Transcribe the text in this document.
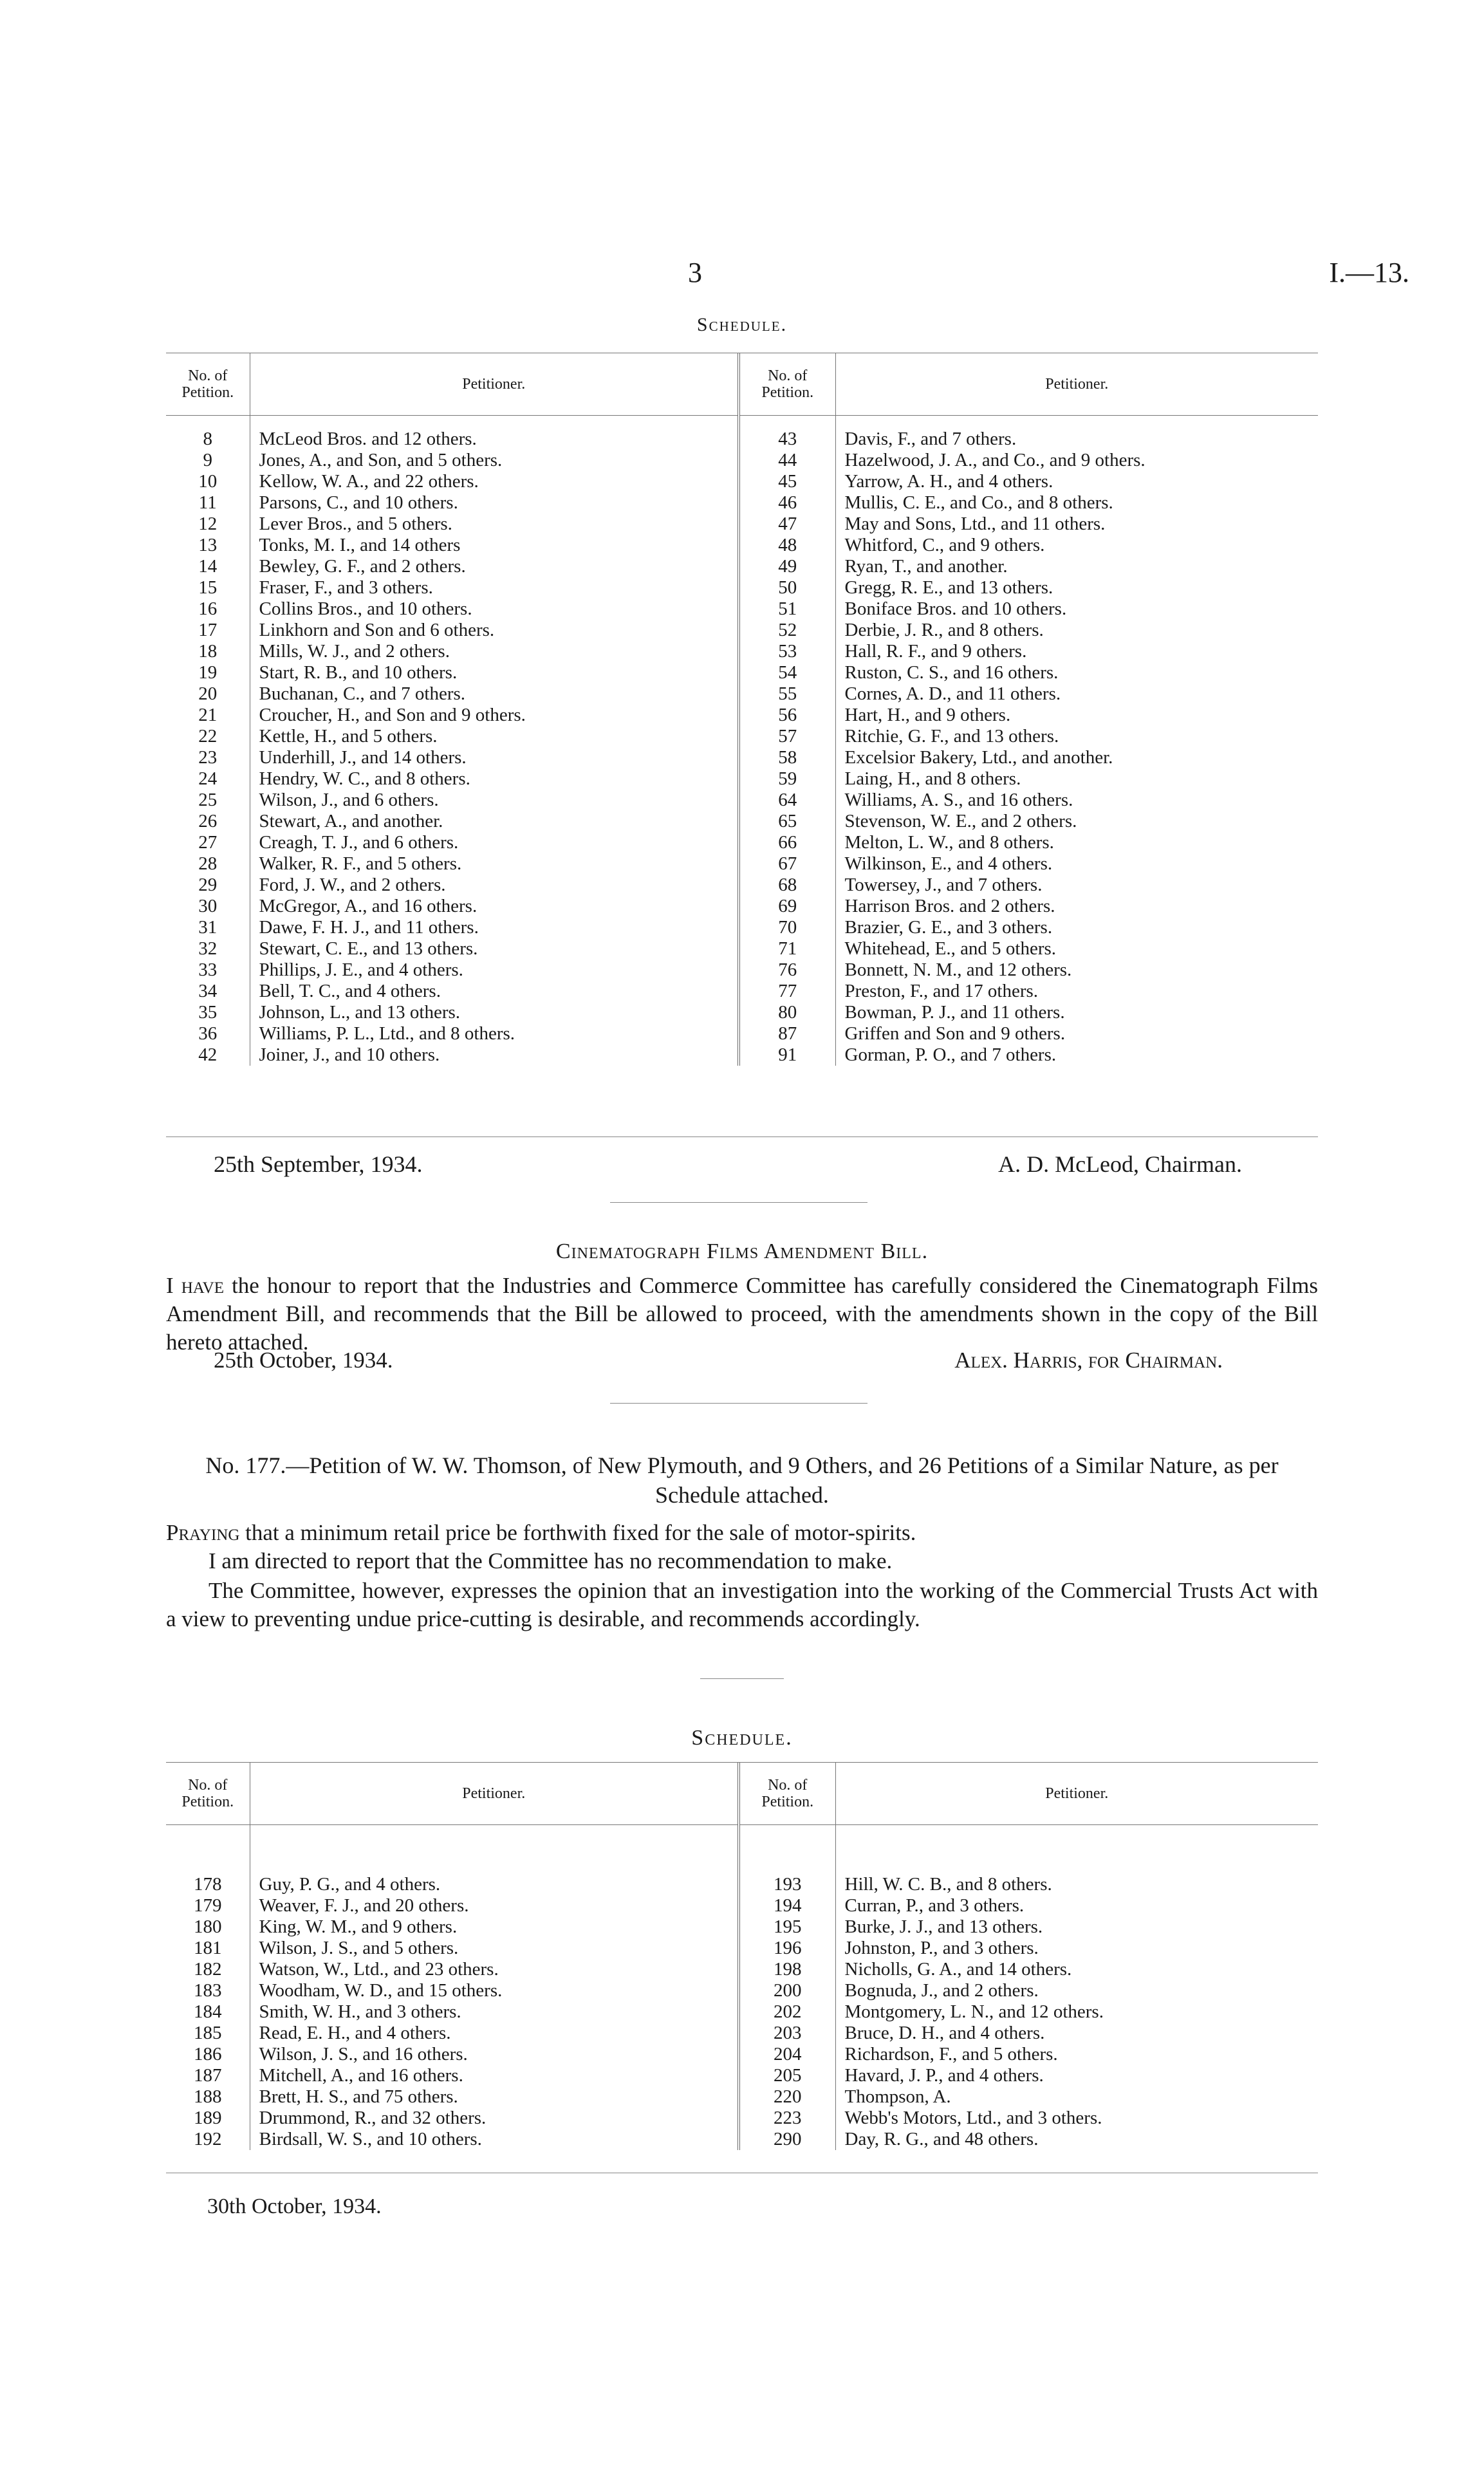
3	I.—13.
Schedule.

No. of Petition.	Petitioner.	No. of Petition.	Petitioner.

8	McLeod Bros. and 12 others.	43	Davis, F., and 7 others.
9	Jones, A., and Son, and 5 others.	44	Hazelwood, J. A., and Co., and 9 others.
10	Kellow, W. A., and 22 others.	45	Yarrow, A. H., and 4 others.
11	Parsons, C., and 10 others.	46	Mullis, C. E., and Co., and 8 others.
12	Lever Bros., and 5 others.	47	May and Sons, Ltd., and 11 others.
13	Tonks, M. I., and 14 others	48	Whitford, C., and 9 others.
14	Bewley, G. F., and 2 others.	49	Ryan, T., and another.
15	Fraser, F., and 3 others.	50	Gregg, R. E., and 13 others.
16	Collins Bros., and 10 others.	51	Boniface Bros. and 10 others.
17	Linkhorn and Son and 6 others.	52	Derbie, J. R., and 8 others.
18	Mills, W. J., and 2 others.	53	Hall, R. F., and 9 others.
19	Start, R. B., and 10 others.	54	Ruston, C. S., and 16 others.
20	Buchanan, C., and 7 others.	55	Cornes, A. D., and 11 others.
21	Croucher, H., and Son and 9 others.	56	Hart, H., and 9 others.
22	Kettle, H., and 5 others.	57	Ritchie, G. F., and 13 others.
23	Underhill, J., and 14 others.	58	Excelsior Bakery, Ltd., and another.
24	Hendry, W. C., and 8 others.	59	Laing, H., and 8 others.
25	Wilson, J., and 6 others.	64	Williams, A. S., and 16 others.
26	Stewart, A., and another.	65	Stevenson, W. E., and 2 others.
27	Creagh, T. J., and 6 others.	66	Melton, L. W., and 8 others.
28	Walker, R. F., and 5 others.	67	Wilkinson, E., and 4 others.
29	Ford, J. W., and 2 others.	68	Towersey, J., and 7 others.
30	McGregor, A., and 16 others.	69	Harrison Bros. and 2 others.
31	Dawe, F. H. J., and 11 others.	70	Brazier, G. E., and 3 others.
32	Stewart, C. E., and 13 others.	71	Whitehead, E., and 5 others.
33	Phillips, J. E., and 4 others.	76	Bonnett, N. M., and 12 others.
34	Bell, T. C., and 4 others.	77	Preston, F., and 17 others.
35	Johnson, L., and 13 others.	80	Bowman, P. J., and 11 others.
36	Williams, P. L., Ltd., and 8 others.	87	Griffen and Son and 9 others.
42	Joiner, J., and 10 others.	91	Gorman, P. O., and 7 others.
25th September, 1934.	A. D. McLeod, Chairman.
Cinematograph Films Amendment Bill.
I have the honour to report that the Industries and Commerce Committee has carefully considered the Cinematograph Films Amendment Bill, and recommends that the Bill be allowed to proceed, with the amendments shown in the copy of the Bill hereto attached.
25th October, 1934.	Alex. Harris, for Chairman.
No. 177.—Petition of W. W. Thomson, of New Plymouth, and 9 Others, and 26 Petitions of a Similar Nature, as per Schedule attached.
Praying that a minimum retail price be forthwith fixed for the sale of motor-spirits.
I am directed to report that the Committee has no recommendation to make.
The Committee, however, expresses the opinion that an investigation into the working of the Commercial Trusts Act with a view to preventing undue price-cutting is desirable, and recommends accordingly.
Schedule.

No. of Petition.	Petitioner.	No. of Petition.	Petitioner.

178	Guy, P. G., and 4 others.	193	Hill, W. C. B., and 8 others.
179	Weaver, F. J., and 20 others.	194	Curran, P., and 3 others.
180	King, W. M., and 9 others.	195	Burke, J. J., and 13 others.
181	Wilson, J. S., and 5 others.	196	Johnston, P., and 3 others.
182	Watson, W., Ltd., and 23 others.	198	Nicholls, G. A., and 14 others.
183	Woodham, W. D., and 15 others.	200	Bognuda, J., and 2 others.
184	Smith, W. H., and 3 others.	202	Montgomery, L. N., and 12 others.
185	Read, E. H., and 4 others.	203	Bruce, D. H., and 4 others.
186	Wilson, J. S., and 16 others.	204	Richardson, F., and 5 others.
187	Mitchell, A., and 16 others.	205	Havard, J. P., and 4 others.
188	Brett, H. S., and 75 others.	220	Thompson, A.
189	Drummond, R., and 32 others.	223	Webb's Motors, Ltd., and 3 others.
192	Birdsall, W. S., and 10 others.	290	Day, R. G., and 48 others.
30th October, 1934.
